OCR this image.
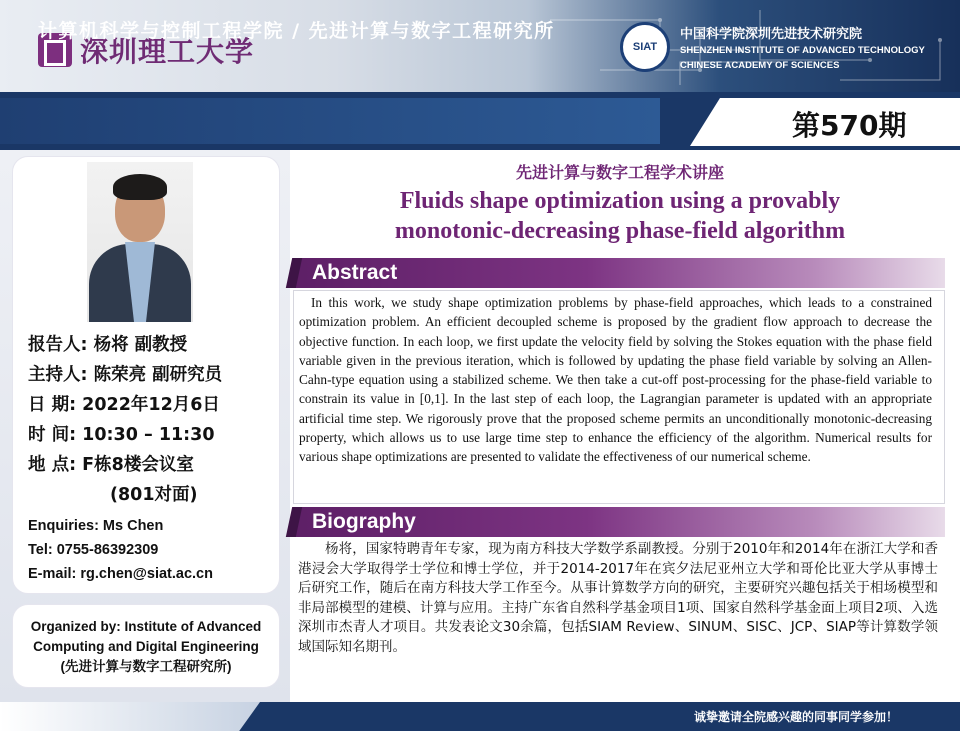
深圳理工大学	SIAT
中国科学院深圳先进技术研究院
SHENZHEN INSTITUTE OF ADVANCED TECHNOLOGY
CHINESE ACADEMY OF SCIENCES
计算机科学与控制工程学院 / 先进计算与数字工程研究所
第570期
报告人: 杨将 副教授
主持人: 陈荣亮 副研究员
日 期: 2022年12月6日
时 间: 10:30 – 11:30
地 点: F栋8楼会议室
(801对面)
Enquiries: Ms Chen
Tel: 0755-86392309
E-mail: rg.chen@siat.ac.cn
Organized by: Institute of Advanced
Computing and Digital Engineering
(先进计算与数字工程研究所)
先进计算与数字工程学术讲座
Fluids shape optimization using a provably
monotonic-decreasing phase-field algorithm
Abstract
In this work, we study shape optimization problems by phase-field approaches, which leads to a constrained optimization problem. An efficient decoupled scheme is proposed by the gradient flow approach to decrease the objective function. In each loop, we first update the velocity field by solving the Stokes equation with the phase field variable given in the previous iteration, which is followed by updating the phase field variable by solving an Allen-Cahn-type equation using a stabilized scheme. We then take a cut-off post-processing for the phase-field variable to constrain its value in [0,1]. In the last step of each loop, the Lagrangian parameter is updated with an appropriate artificial time step. We rigorously prove that the proposed scheme permits an unconditionally monotonic-decreasing property, which allows us to use large time step to enhance the efficiency of the algorithm. Numerical results for various shape optimizations are presented to validate the effectiveness of our numerical scheme.
Biography
杨将，国家特聘青年专家，现为南方科技大学数学系副教授。分别于2010年和2014年在浙江大学和香港浸会大学取得学士学位和博士学位，并于2014-2017年在宾夕法尼亚州立大学和哥伦比亚大学从事博士后研究工作，随后在南方科技大学工作至今。从事计算数学方向的研究，主要研究兴趣包括关于相场模型和非局部模型的建模、计算与应用。主持广东省自然科学基金项目1项、国家自然科学基金面上项目2项、入选深圳市杰青人才项目。共发表论文30余篇，包括SIAM Review、SINUM、SISC、JCP、SIAP等计算数学领域国际知名期刊。
诚挚邀请全院感兴趣的同事同学参加！
